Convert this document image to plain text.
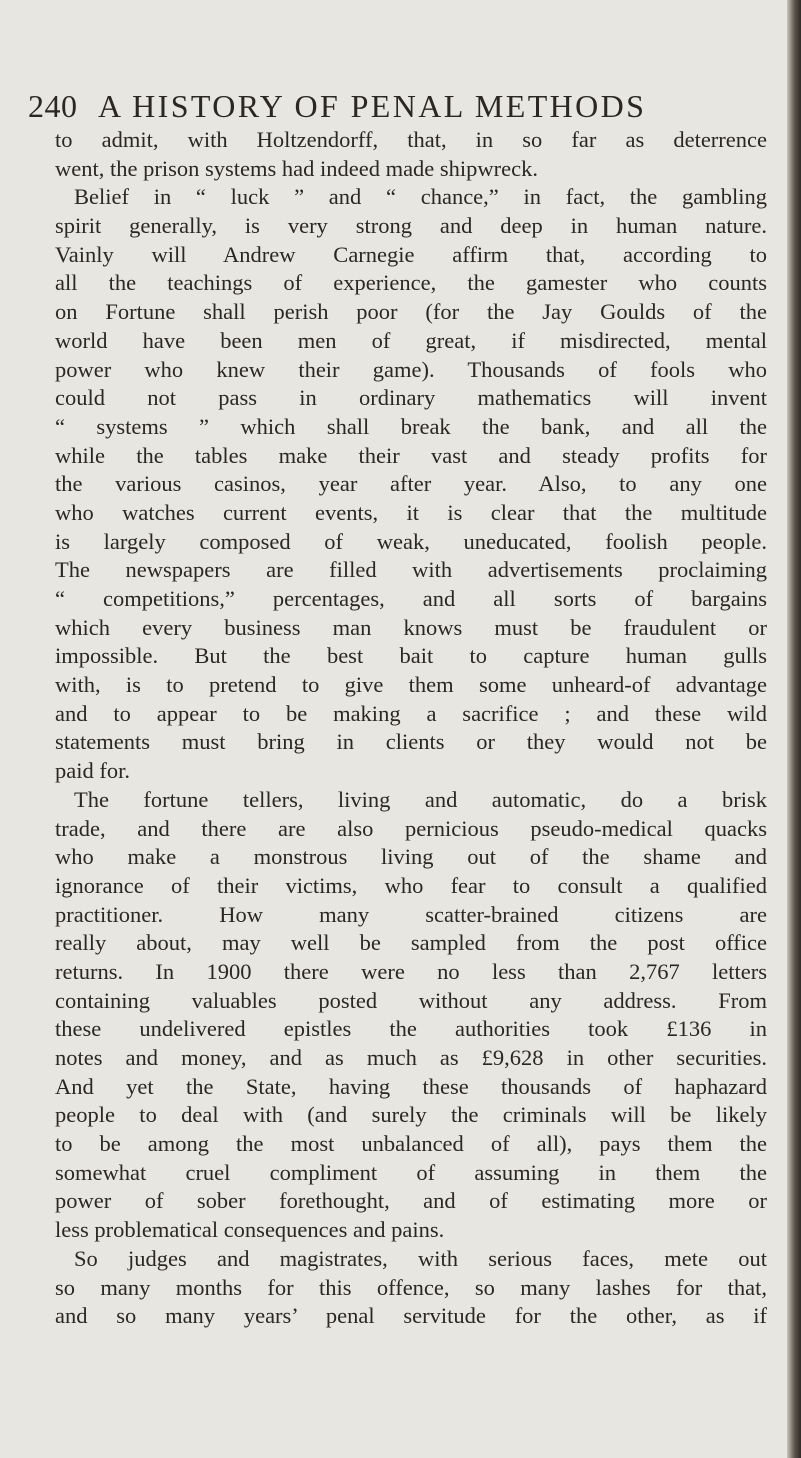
240 A HISTORY OF PENAL METHODS
to admit, with Holtzendorff, that, in so far as deterrence
went, the prison systems had indeed made shipwreck.
Belief in “ luck ” and “ chance,” in fact, the gambling
spirit generally, is very strong and deep in human nature.
Vainly will Andrew Carnegie affirm that, according to
all the teachings of experience, the gamester who counts
on Fortune shall perish poor (for the Jay Goulds of the
world have been men of great, if misdirected, mental
power who knew their game). Thousands of fools who
could not pass in ordinary mathematics will invent
“ systems ” which shall break the bank, and all the
while the tables make their vast and steady profits for
the various casinos, year after year. Also, to any one
who watches current events, it is clear that the multitude
is largely composed of weak, uneducated, foolish people.
The newspapers are filled with advertisements proclaiming
“ competitions,” percentages, and all sorts of bargains
which every business man knows must be fraudulent or
impossible. But the best bait to capture human gulls
with, is to pretend to give them some unheard-of advantage
and to appear to be making a sacrifice ; and these wild
statements must bring in clients or they would not be
paid for.
The fortune tellers, living and automatic, do a brisk
trade, and there are also pernicious pseudo-medical quacks
who make a monstrous living out of the shame and
ignorance of their victims, who fear to consult a qualified
practitioner. How many scatter-brained citizens are
really about, may well be sampled from the post office
returns. In 1900 there were no less than 2,767 letters
containing valuables posted without any address. From
these undelivered epistles the authorities took £136 in
notes and money, and as much as £9,628 in other securities.
And yet the State, having these thousands of haphazard
people to deal with (and surely the criminals will be likely
to be among the most unbalanced of all), pays them the
somewhat cruel compliment of assuming in them the
power of sober forethought, and of estimating more or
less problematical consequences and pains.
So judges and magistrates, with serious faces, mete out
so many months for this offence, so many lashes for that,
and so many years’ penal servitude for the other, as if
